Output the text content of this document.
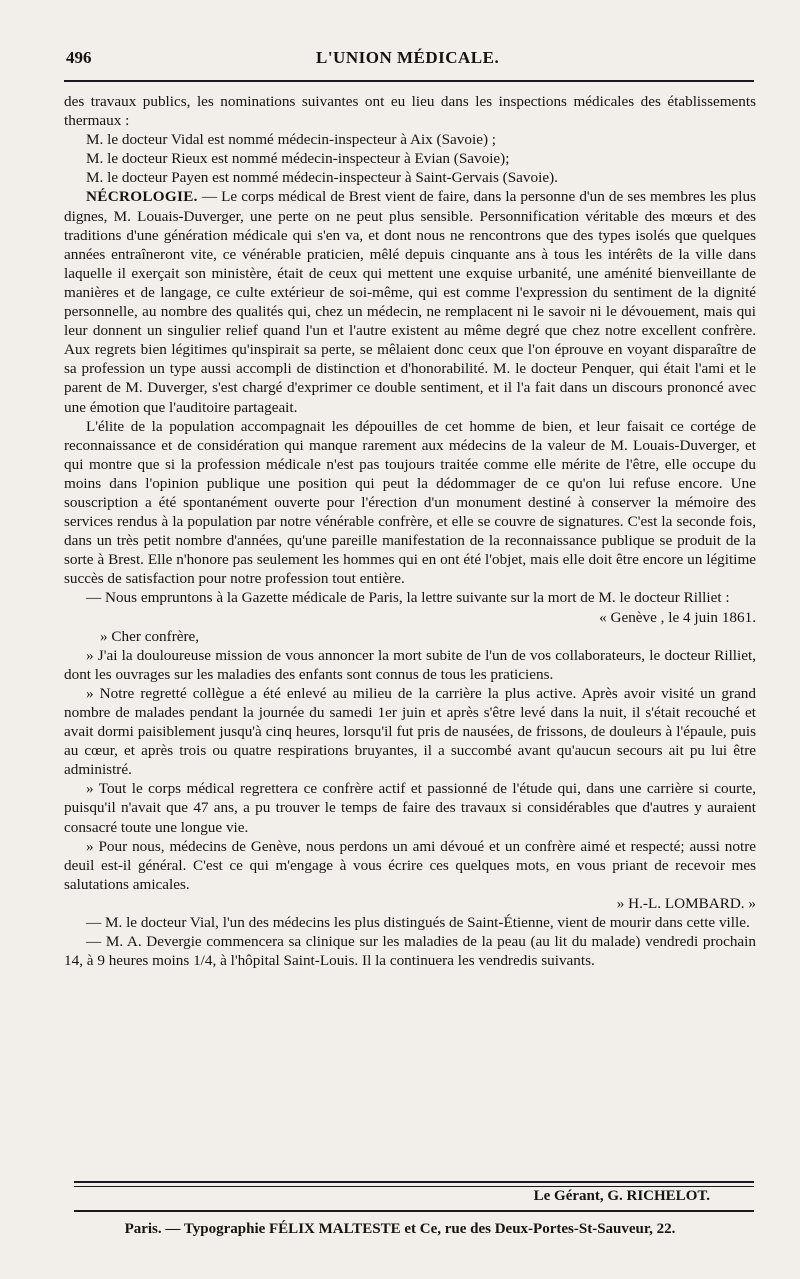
496	L'UNION MÉDICALE.

des travaux publics, les nominations suivantes ont eu lieu dans les inspections médicales des établissements thermaux :

M. le docteur Vidal est nommé médecin-inspecteur à Aix (Savoie) ;

M. le docteur Rieux est nommé médecin-inspecteur à Evian (Savoie);

M. le docteur Payen est nommé médecin-inspecteur à Saint-Gervais (Savoie).

NÉCROLOGIE. — Le corps médical de Brest vient de faire, dans la personne d'un de ses membres les plus dignes, M. Louais-Duverger, une perte on ne peut plus sensible. Personnification véritable des mœurs et des traditions d'une génération médicale qui s'en va, et dont nous ne rencontrons que des types isolés que quelques années entraîneront vite, ce vénérable praticien, mêlé depuis cinquante ans à tous les intérêts de la ville dans laquelle il exerçait son ministère, était de ceux qui mettent une exquise urbanité, une aménité bienveillante de manières et de langage, ce culte extérieur de soi-même, qui est comme l'expression du sentiment de la dignité personnelle, au nombre des qualités qui, chez un médecin, ne remplacent ni le savoir ni le dévouement, mais qui leur donnent un singulier relief quand l'un et l'autre existent au même degré que chez notre excellent confrère. Aux regrets bien légitimes qu'inspirait sa perte, se mêlaient donc ceux que l'on éprouve en voyant disparaître de sa profession un type aussi accompli de distinction et d'honorabilité. M. le docteur Penquer, qui était l'ami et le parent de M. Duverger, s'est chargé d'exprimer ce double sentiment, et il l'a fait dans un discours prononcé avec une émotion que l'auditoire partageait.

L'élite de la population accompagnait les dépouilles de cet homme de bien, et leur faisait ce cortége de reconnaissance et de considération qui manque rarement aux médecins de la valeur de M. Louais-Duverger, et qui montre que si la profession médicale n'est pas toujours traitée comme elle mérite de l'être, elle occupe du moins dans l'opinion publique une position qui peut la dédommager de ce qu'on lui refuse encore. Une souscription a été spontanément ouverte pour l'érection d'un monument destiné à conserver la mémoire des services rendus à la population par notre vénérable confrère, et elle se couvre de signatures. C'est la seconde fois, dans un très petit nombre d'années, qu'une pareille manifestation de la reconnaissance publique se produit de la sorte à Brest. Elle n'honore pas seulement les hommes qui en ont été l'objet, mais elle doit être encore un légitime succès de satisfaction pour notre profession tout entière.

— Nous empruntons à la Gazette médicale de Paris, la lettre suivante sur la mort de M. le docteur Rilliet :

« Genève , le 4 juin 1861.

» Cher confrère,

» J'ai la douloureuse mission de vous annoncer la mort subite de l'un de vos collaborateurs, le docteur Rilliet, dont les ouvrages sur les maladies des enfants sont connus de tous les praticiens.

» Notre regretté collègue a été enlevé au milieu de la carrière la plus active. Après avoir visité un grand nombre de malades pendant la journée du samedi 1er juin et après s'être levé dans la nuit, il s'était recouché et avait dormi paisiblement jusqu'à cinq heures, lorsqu'il fut pris de nausées, de frissons, de douleurs à l'épaule, puis au cœur, et après trois ou quatre respirations bruyantes, il a succombé avant qu'aucun secours ait pu lui être administré.

» Tout le corps médical regrettera ce confrère actif et passionné de l'étude qui, dans une carrière si courte, puisqu'il n'avait que 47 ans, a pu trouver le temps de faire des travaux si considérables que d'autres y auraient consacré toute une longue vie.

» Pour nous, médecins de Genève, nous perdons un ami dévoué et un confrère aimé et respecté; aussi notre deuil est-il général. C'est ce qui m'engage à vous écrire ces quelques mots, en vous priant de recevoir mes salutations amicales.

» H.-L. LOMBARD. »

— M. le docteur Vial, l'un des médecins les plus distingués de Saint-Étienne, vient de mourir dans cette ville.

— M. A. Devergie commencera sa clinique sur les maladies de la peau (au lit du malade) vendredi prochain 14, à 9 heures moins 1/4, à l'hôpital Saint-Louis. Il la continuera les vendredis suivants.

Le Gérant, G. RICHELOT.
Paris. — Typographie FÉLIX MALTESTE et Ce, rue des Deux-Portes-St-Sauveur, 22.
